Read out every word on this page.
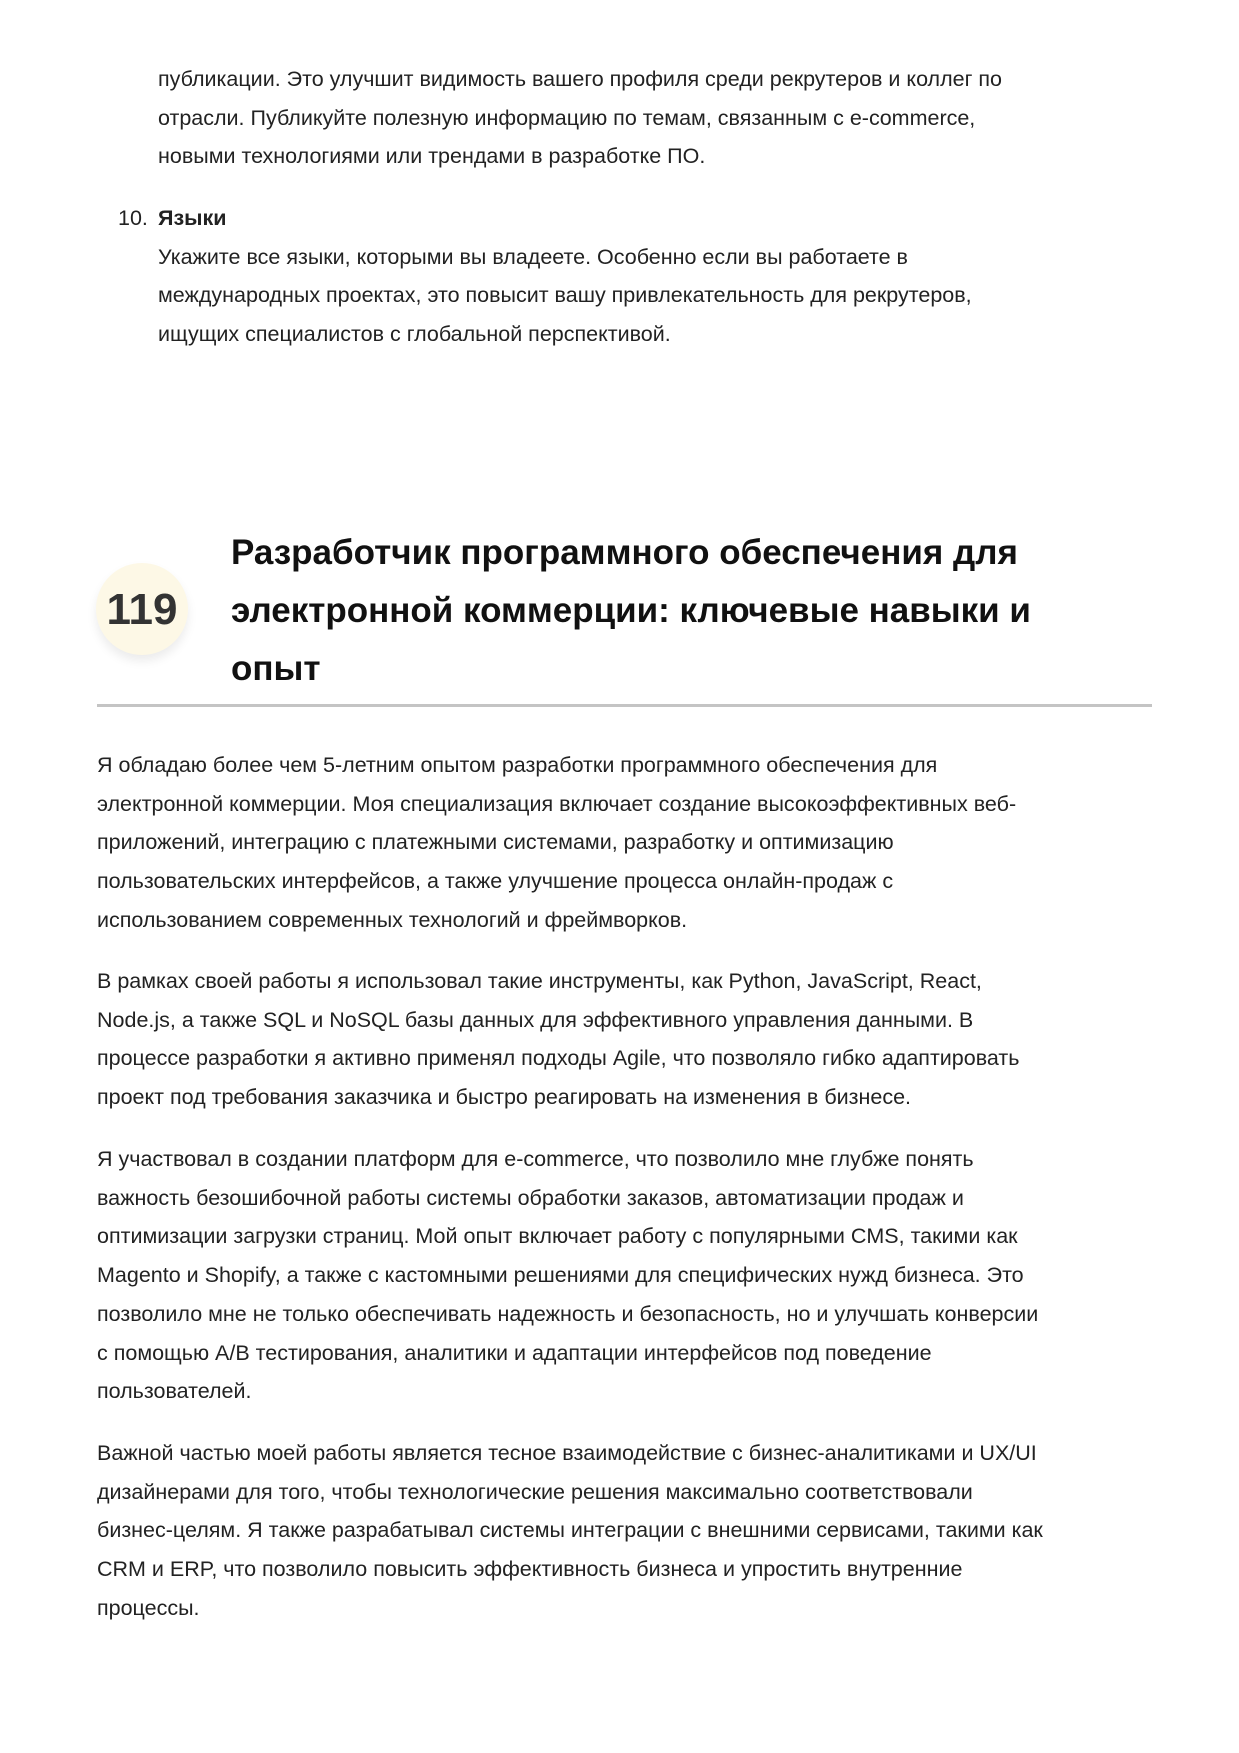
публикации. Это улучшит видимость вашего профиля среди рекрутеров и коллег по
отрасли. Публикуйте полезную информацию по темам, связанным с e-commerce,
новыми технологиями или трендами в разработке ПО.
10. Языки
Укажите все языки, которыми вы владеете. Особенно если вы работаете в
международных проектах, это повысит вашу привлекательность для рекрутеров,
ищущих специалистов с глобальной перспективой.
119
Разработчик программного обеспечения для
электронной коммерции: ключевые навыки и
опыт
Я обладаю более чем 5-летним опытом разработки программного обеспечения для
электронной коммерции. Моя специализация включает создание высокоэффективных веб-
приложений, интеграцию с платежными системами, разработку и оптимизацию
пользовательских интерфейсов, а также улучшение процесса онлайн-продаж с
использованием современных технологий и фреймворков.
В рамках своей работы я использовал такие инструменты, как Python, JavaScript, React,
Node.js, а также SQL и NoSQL базы данных для эффективного управления данными. В
процессе разработки я активно применял подходы Agile, что позволяло гибко адаптировать
проект под требования заказчика и быстро реагировать на изменения в бизнесе.
Я участвовал в создании платформ для e-commerce, что позволило мне глубже понять
важность безошибочной работы системы обработки заказов, автоматизации продаж и
оптимизации загрузки страниц. Мой опыт включает работу с популярными CMS, такими как
Magento и Shopify, а также с кастомными решениями для специфических нужд бизнеса. Это
позволило мне не только обеспечивать надежность и безопасность, но и улучшать конверсии
с помощью A/B тестирования, аналитики и адаптации интерфейсов под поведение
пользователей.
Важной частью моей работы является тесное взаимодействие с бизнес-аналитиками и UX/UI
дизайнерами для того, чтобы технологические решения максимально соответствовали
бизнес-целям. Я также разрабатывал системы интеграции с внешними сервисами, такими как
CRM и ERP, что позволило повысить эффективность бизнеса и упростить внутренние
процессы.
